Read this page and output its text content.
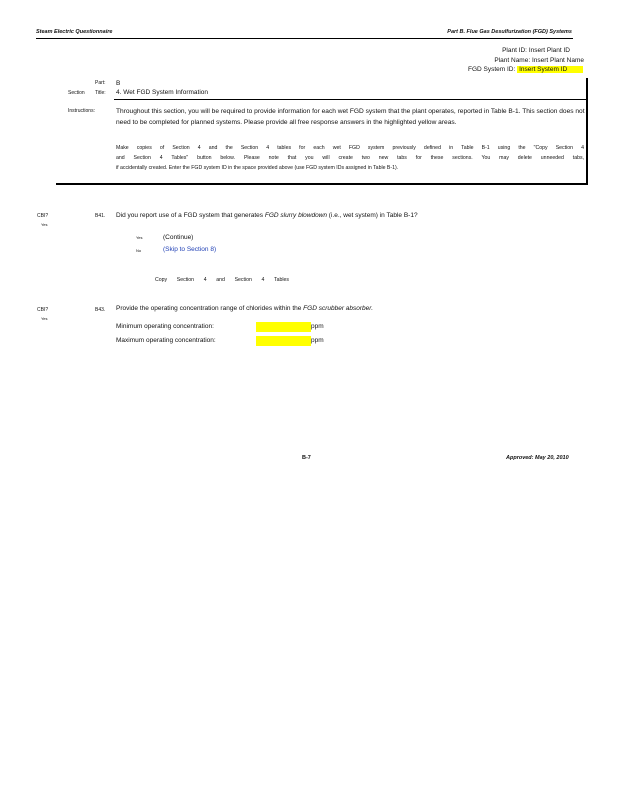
Steam Electric Questionnaire	Part B. Flue Gas Desulfurization (FGD) Systems
Plant ID: Insert Plant ID
Plant Name: Insert Plant Name
FGD System ID: Insert System ID
Part: B
Section Title: 4. Wet FGD System Information
Instructions:	Throughout this section, you will be required to provide information for each wet FGD system that the plant operates, reported in Table B-1. This section does not need to be completed for planned systems. Please provide all free response answers in the highlighted yellow areas.
Make copies of Section 4 and the Section 4 tables for each wet FGD system previously defined in Table B-1 using the "Copy Section 4
and Section 4 Tables" button below. Please note that you will create two new tabs for these sections. You may delete unneeded tabs,
if accidentally created. Enter the FGD system ID in the space provided above (use FGD system IDs assigned in Table B-1).
CBI?
Yes
B41. Did you report use of a FGD system that generates FGD slurry blowdown (i.e., wet system) in Table B-1?
Yes	(Continue)
No	(Skip to Section 8)
Copy Section 4 and Section 4 Tables
CBI?
Yes
B43. Provide the operating concentration range of chlorides within the FGD scrubber absorber.
Minimum operating concentration:	ppm
Maximum operating concentration:	ppm
B-7	Approved: May 20, 2010
